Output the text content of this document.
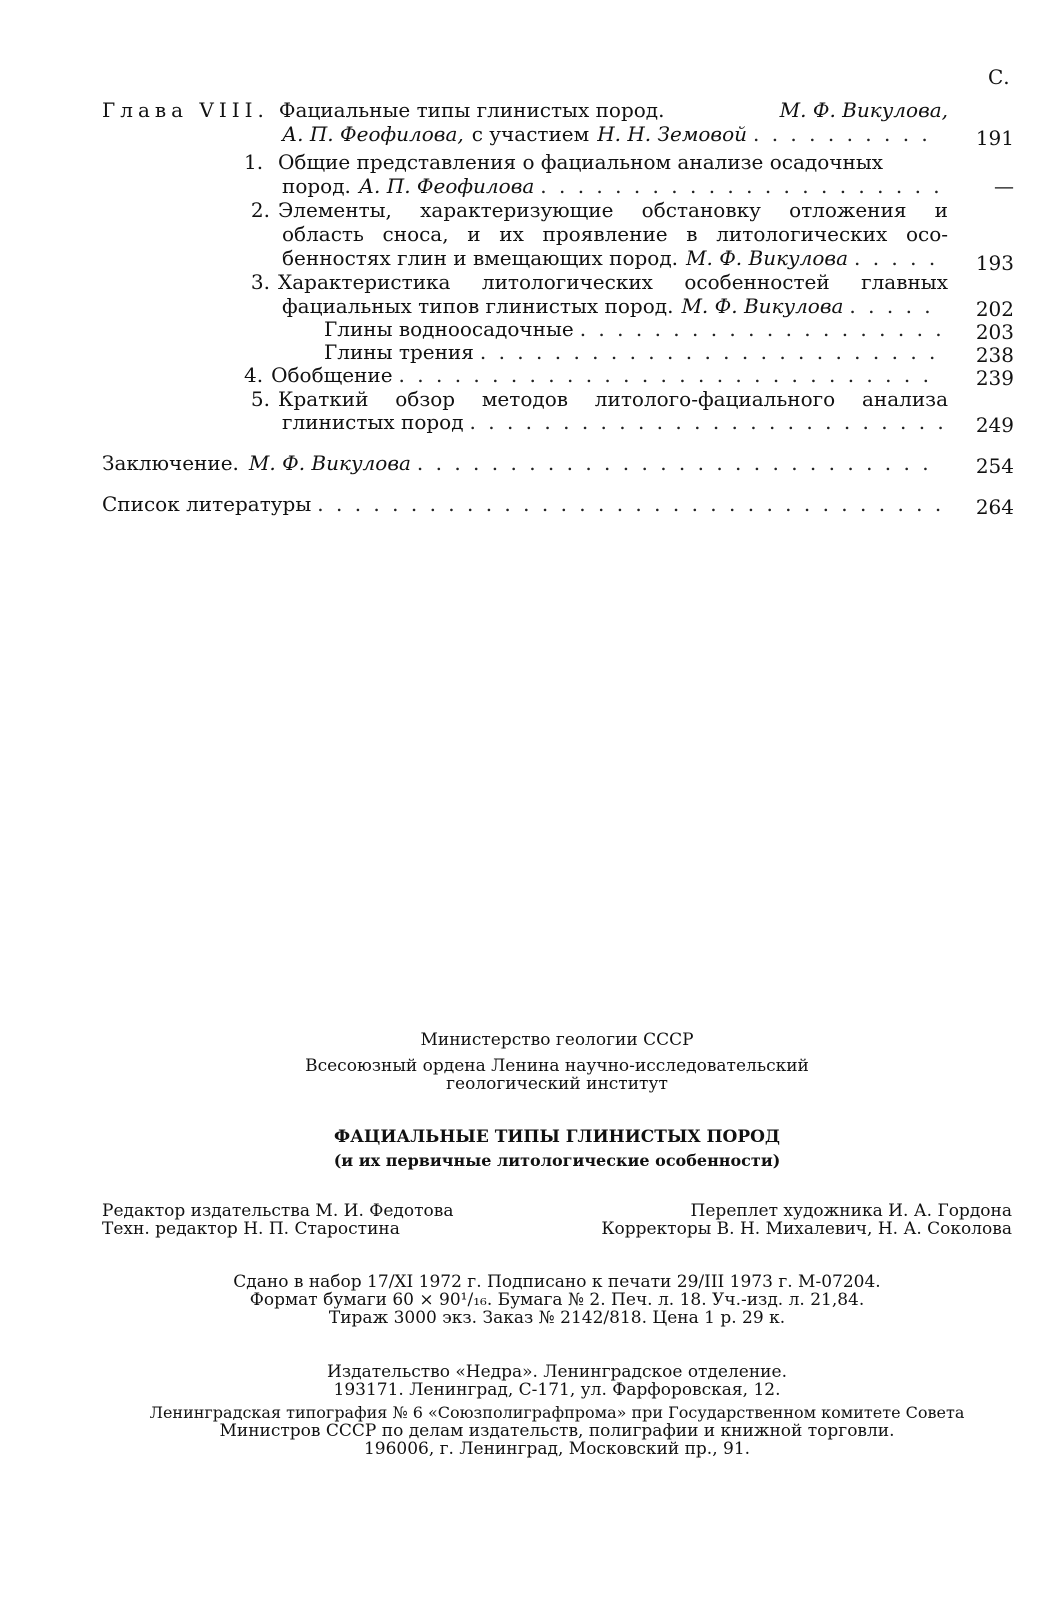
С.
Глава VIII. Фациальные типы глинистых пород.	М. Ф. Викулова,
А. П. Феофилова, с участием Н. Н. Земовой . . .	191
1. Общие представления о фациальном анализе осадочных
пород. А. П. Феофилова . . .	—
2. Элементы, характеризующие обстановку отложения и
область сноса, и их проявление в литологических осо-
бенностях глин и вмещающих пород. М. Ф. Викулова . . .	193
3. Характеристика литологических особенностей главных
фациальных типов глинистых пород. М. Ф. Викулова . . .	202
Глины водноосадочные . . .	203
Глины трения . . .	238
4. Обобщение . . .	239
5. Краткий обзор методов литолого-фациального анализа
глинистых пород . . .	249
Заключение. М. Ф. Викулова . . .	254
Список литературы . . .	264
Министерство геологии СССР
Всесоюзный ордена Ленина научно-исследовательский
геологический институт
ФАЦИАЛЬНЫЕ ТИПЫ ГЛИНИСТЫХ ПОРОД
(и их первичные литологические особенности)
Редактор издательства М. И. Федотова
Техн. редактор Н. П. Старостина
Переплет художника И. А. Гордона
Корректоры В. Н. Михалевич, Н. А. Соколова
Сдано в набор 17/XI 1972 г. Подписано к печати 29/III 1973 г. М-07204.
Формат бумаги 60 × 90¹/₁₆. Бумага № 2. Печ. л. 18. Уч.-изд. л. 21,84.
Тираж 3000 экз. Заказ № 2142/818. Цена 1 р. 29 к.
Издательство «Недра». Ленинградское отделение.
193171. Ленинград, С-171, ул. Фарфоровская, 12.
Ленинградская типография № 6 «Союзполиграфпрома» при Государственном комитете Совета
Министров СССР по делам издательств, полиграфии и книжной торговли.
196006, г. Ленинград, Московский пр., 91.
